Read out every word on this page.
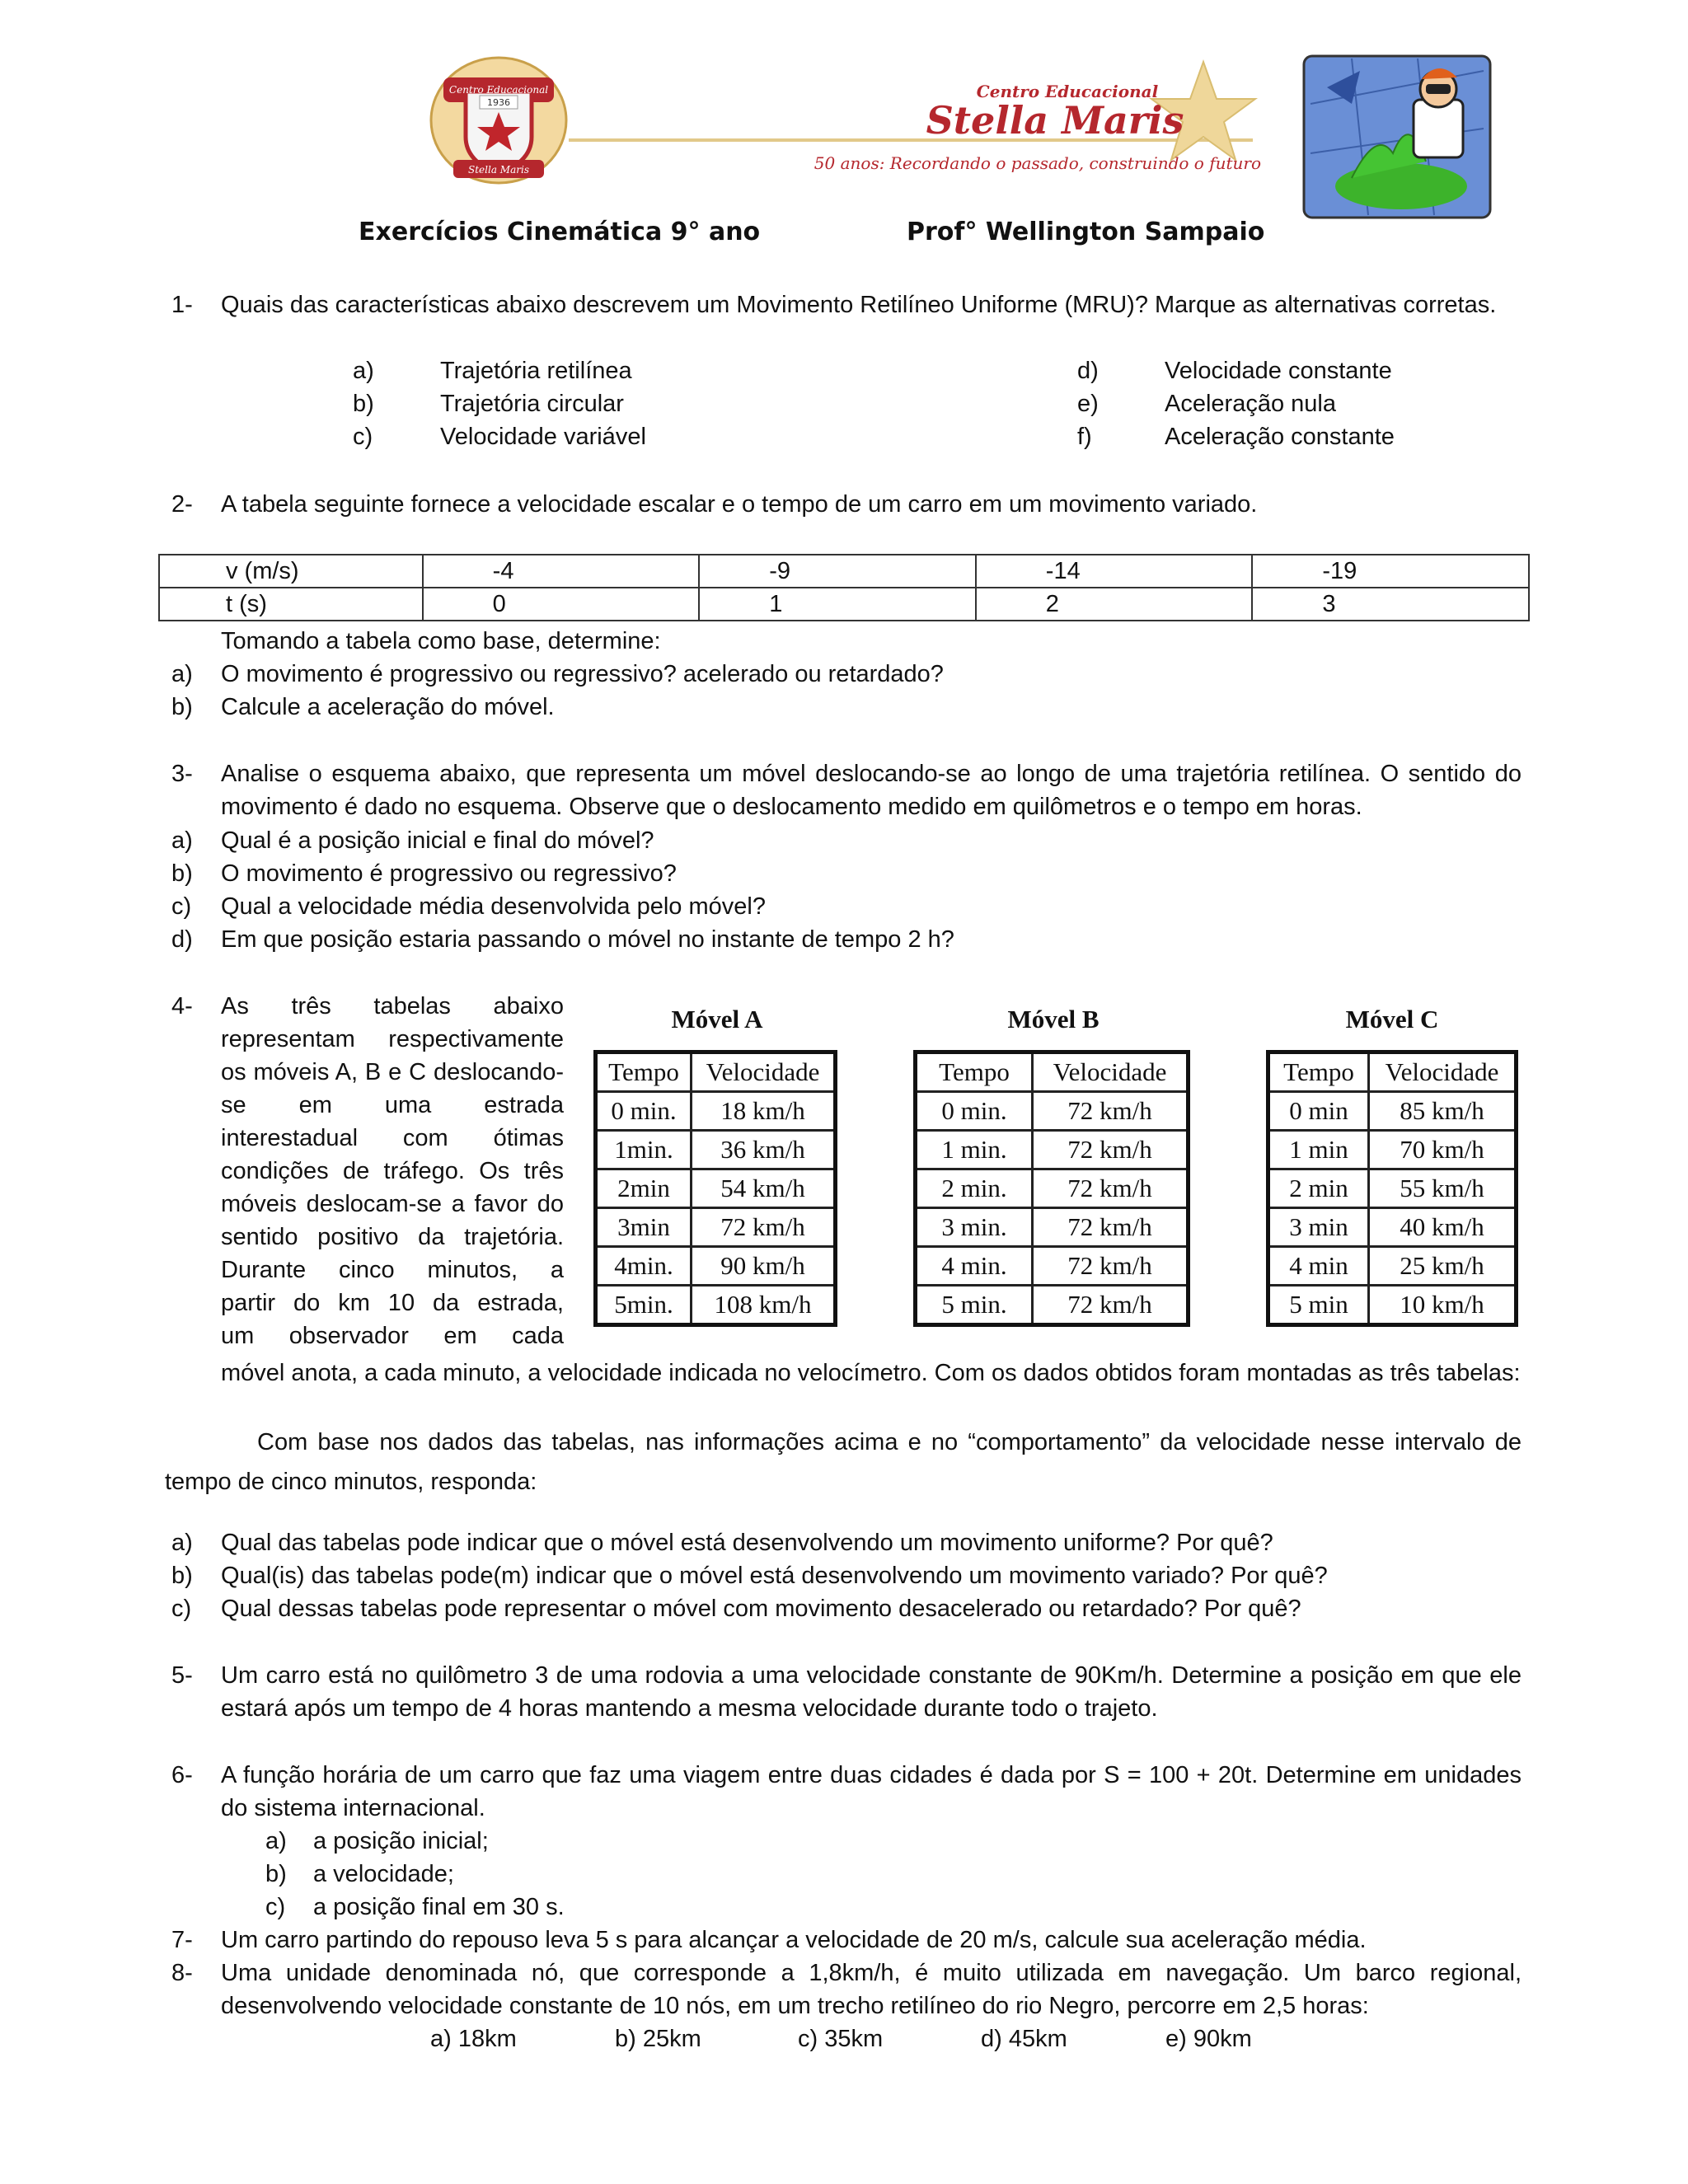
1936
Centro Educacional
Stella Maris
Centro Educacional
Stella Maris
50 anos: Recordando o passado, construindo o futuro
Exercícios Cinemática 9° ano	Prof° Wellington Sampaio
1- Quais das características abaixo descrevem um Movimento Retilíneo Uniforme (MRU)? Marque as alternativas corretas.
a)	Trajetória retilínea
b)	Trajetória circular
c)	Velocidade variável
d)	Velocidade constante
e)	Aceleração nula
f)	Aceleração constante
2- A tabela seguinte fornece a velocidade escalar e o tempo de um carro em um movimento variado.
v (m/s)	-4	-9	-14	-19
t (s)	0	1	2	3
Tomando a tabela como base, determine:
a) O movimento é progressivo ou regressivo? acelerado ou retardado?
b) Calcule a aceleração do móvel.
3- Analise o esquema abaixo, que representa um móvel deslocando-se ao longo de uma trajetória retilínea. O sentido do movimento é dado no esquema. Observe que o deslocamento medido em quilômetros e o tempo em horas.
a) Qual é a posição inicial e final do móvel?
b) O movimento é progressivo ou regressivo?
c) Qual a velocidade média desenvolvida pelo móvel?
d) Em que posição estaria passando o móvel no instante de tempo 2 h?
4- As três tabelas abaixo
representam respectivamente
os móveis A, B e C deslocando-
se em uma estrada
interestadual com ótimas
condições de tráfego. Os três
móveis deslocam-se a favor do
sentido positivo da trajetória.
Durante cinco minutos, a
partir do km 10 da estrada,
um observador em cada
Móvel A
Tempo	Velocidade
0 min.	18 km/h
1min.	36 km/h
2min	54 km/h
3min	72 km/h
4min.	90 km/h
5min.	108 km/h
Móvel B
Tempo	Velocidade
0 min.	72 km/h
1 min.	72 km/h
2 min.	72 km/h
3 min.	72 km/h
4 min.	72 km/h
5 min.	72 km/h
Móvel C
Tempo	Velocidade
0 min	85 km/h
1 min	70 km/h
2 min	55 km/h
3 min	40 km/h
4 min	25 km/h
5 min	10 km/h
móvel anota, a cada minuto, a velocidade indicada no velocímetro. Com os dados obtidos foram montadas as três tabelas:
Com base nos dados das tabelas, nas informações acima e no “comportamento” da velocidade nesse intervalo de tempo de cinco minutos, responda:
a) Qual das tabelas pode indicar que o móvel está desenvolvendo um movimento uniforme? Por quê?
b) Qual(is) das tabelas pode(m) indicar que o móvel está desenvolvendo um movimento variado? Por quê?
c) Qual dessas tabelas pode representar o móvel com movimento desacelerado ou retardado? Por quê?
5- Um carro está no quilômetro 3 de uma rodovia a uma velocidade constante de 90Km/h. Determine a posição em que ele estará após um tempo de 4 horas mantendo a mesma velocidade durante todo o trajeto.
6- A função horária de um carro que faz uma viagem entre duas cidades é dada por S = 100 + 20t. Determine em unidades do sistema internacional.
a) a posição inicial;
b) a velocidade;
c) a posição final em 30 s.
7- Um carro partindo do repouso leva 5 s para alcançar a velocidade de 20 m/s, calcule sua aceleração média.
8- Uma unidade denominada nó, que corresponde a 1,8km/h, é muito utilizada em navegação. Um barco regional, desenvolvendo velocidade constante de 10 nós, em um trecho retilíneo do rio Negro, percorre em 2,5 horas:
a) 18km	b) 25km	c) 35km	d) 45km	e) 90km
